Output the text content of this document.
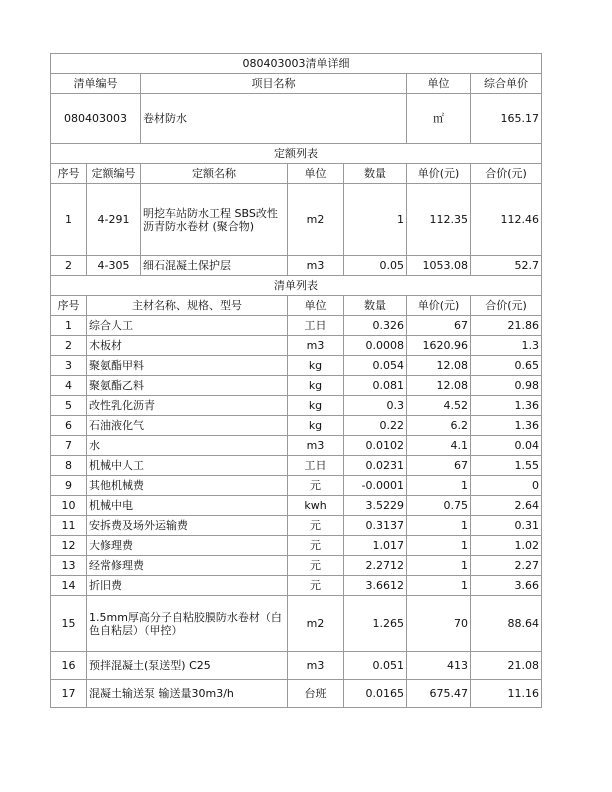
080403003清单详细						
清单编号		项目名称			单位	综合单价
080403003		卷材防水			㎡	165.17
定额列表						
序号	定额编号	定额名称	单位	数量	单价(元)	合价(元)
1	4-291	明挖车站防水工程 SBS改性沥青防水卷材 (聚合物)	m2	1	112.35	112.46
2	4-305	细石混凝土保护层	m3	0.05	1053.08	52.7
清单列表						
序号	主材名称、规格、型号		单位	数量	单价(元)	合价(元)
1	综合人工		工日	0.326	67	21.86
2	木板材		m3	0.0008	1620.96	1.3
3	聚氨酯甲料		kg	0.054	12.08	0.65
4	聚氨酯乙料		kg	0.081	12.08	0.98
5	改性乳化沥青		kg	0.3	4.52	1.36
6	石油液化气		kg	0.22	6.2	1.36
7	水		m3	0.0102	4.1	0.04
8	机械中人工		工日	0.0231	67	1.55
9	其他机械费		元	-0.0001	1	0
10	机械中电		kwh	3.5229	0.75	2.64
11	安拆费及场外运输费		元	0.3137	1	0.31
12	大修理费		元	1.017	1	1.02
13	经常修理费		元	2.2712	1	2.27
14	折旧费		元	3.6612	1	3.66
15	1.5mm厚高分子自粘胶膜防水卷材（白色自粘层）（甲控）		m2	1.265	70	88.64
16	预拌混凝土(泵送型) C25		m3	0.051	413	21.08
17	混凝土输送泵 输送量30m3/h		台班	0.0165	675.47	11.16
